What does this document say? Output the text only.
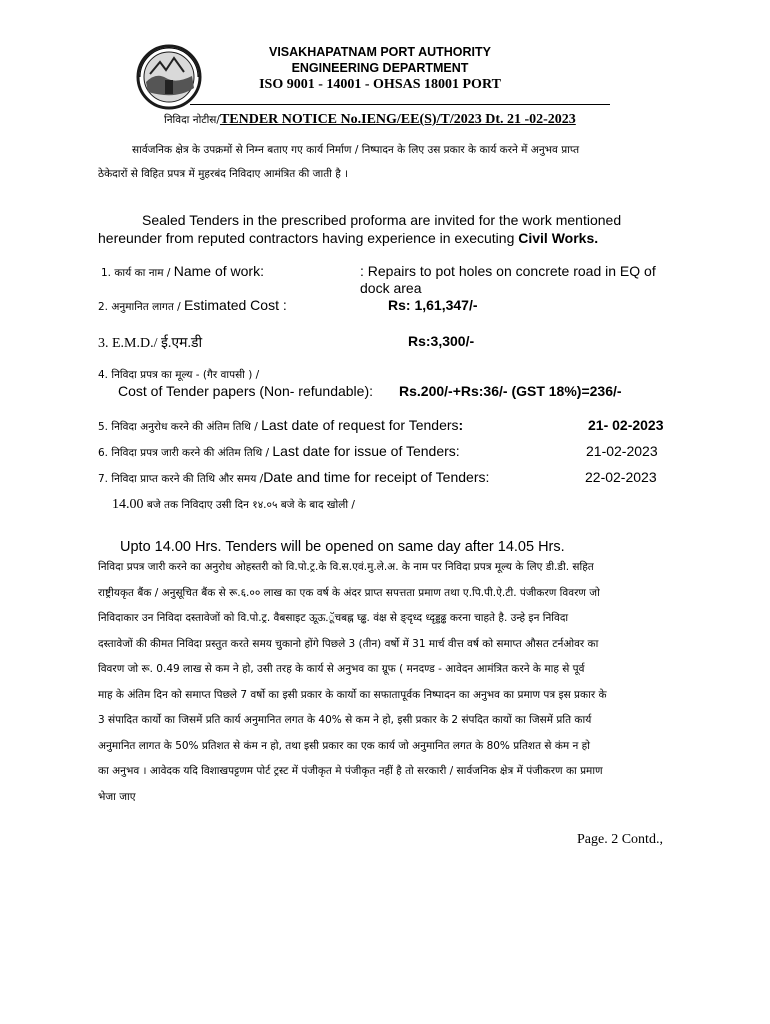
VISAKHAPATNAM PORT AUTHORITY
ENGINEERING DEPARTMENT
ISO 9001 - 14001 - OHSAS 18001 PORT
निविदा नोटीस/TENDER NOTICE No.IENG/EE(S)/T/2023 Dt. 21 -02-2023
सार्वजनिक क्षेत्र के उपक्रमों से निम्न बताए गए कार्य निर्माण / निष्पादन के लिए उस प्रकार के कार्य करने में अनुभव प्राप्त
ठेकेदारों से विहित प्रपत्र में मुहरबंद निविदाए आमंत्रित की जाती है ।
Sealed Tenders in the prescribed proforma are invited for the work mentioned
hereunder from reputed contractors having experience in executing Civil Works.
1. कार्य का नाम / Name of work:	: Repairs to pot holes on concrete road in EQ of
dock area
2. अनुमानित लागत / Estimated Cost :	Rs: 1,61,347/-
3. E.M.D./ ई.एम.डी	Rs:3,300/-
4. निविदा प्रपत्र का मूल्य - (गैर वापसी ) /
Cost of Tender papers (Non- refundable): Rs.200/-+Rs:36/- (GST 18%)=236/-
5. निविदा अनुरोध करने की अंतिम तिथि / Last date of request for Tenders:	21- 02-2023
6. निविदा प्रपत्र जारी करने की अंतिम तिथि / Last date for issue of Tenders:	21-02-2023
7. निविदा प्राप्त करने की तिथि और समय /Date and time for receipt of Tenders:	22-02-2023
14.00 बजे तक निविदाए उसी दिन १४.०५ बजे के बाद खोली /
Upto 14.00 Hrs. Tenders will be opened on same day after 14.05 Hrs.
निविदा प्रपत्र जारी करने का अनुरोध ओहस्तरी को वि.पो.ट्र.के वि.स.एवं.मु.ले.अ. के नाम पर निविदा प्रपत्र मूल्य के लिए डी.डी. सहित
राष्ट्रीयकृत बैंक / अनुसूचित बैंक से रू.६.०० लाख का एक वर्ष के अंदर प्राप्त सपत्तता प्रमाण तथा ए.पि.पी.ऐ.टी. पंजीकरण विवरण जो
निविदाकार उन निविदा दस्तावेजों को वि.पो.ट्र. वैबसाइट ऊूऊ.ूॅचबह्न घ्ढ्ढ. वंक्ष से ङ्दृध्द ध्दृड्डढ्ढ करना चाहते है. उन्हे इन निविदा
दस्तावेजों की कीमत निविदा प्रस्तुत करते समय चुकानो होंगे पिछले 3 (तीन) वर्षो में 31 मार्च वीत्त वर्ष को समाप्त औसत टर्नओवर का
विवरण जो रू. 0.49 लाख से कम ने हो, उसी तरह के कार्य से अनुभव का ग्रूफ ( मनदण्ड - आवेदन आमंत्रित करने के माह से पूर्व
माह के अंतिम दिन को समाप्त पिछले 7 वर्षो का इसी प्रकार के कार्यो का सफातापूर्वक निष्पादन का अनुभव का प्रमाण पत्र इस प्रकार के
3 संपादित कार्यो का जिसमें प्रति कार्य अनुमानित लगत के 40% से कम ने हो, इसी प्रकार के 2 संपदित कायों का जिसमें प्रति कार्य
अनुमानित लागत के 50% प्रतिशत से कंम न हो, तथा इसी प्रकार का एक कार्य जो अनुमानित लगत के 80% प्रतिशत से कंम न हो
का अनुभव । आवेदक यदि विशाखपट्टणम पोर्ट ट्रस्ट में पंजीकृत मे पंजीकृत नहीं है तो सरकारी / सार्वजनिक क्षेत्र में पंजीकरण का प्रमाण
भेजा जाए
Page. 2 Contd.,
